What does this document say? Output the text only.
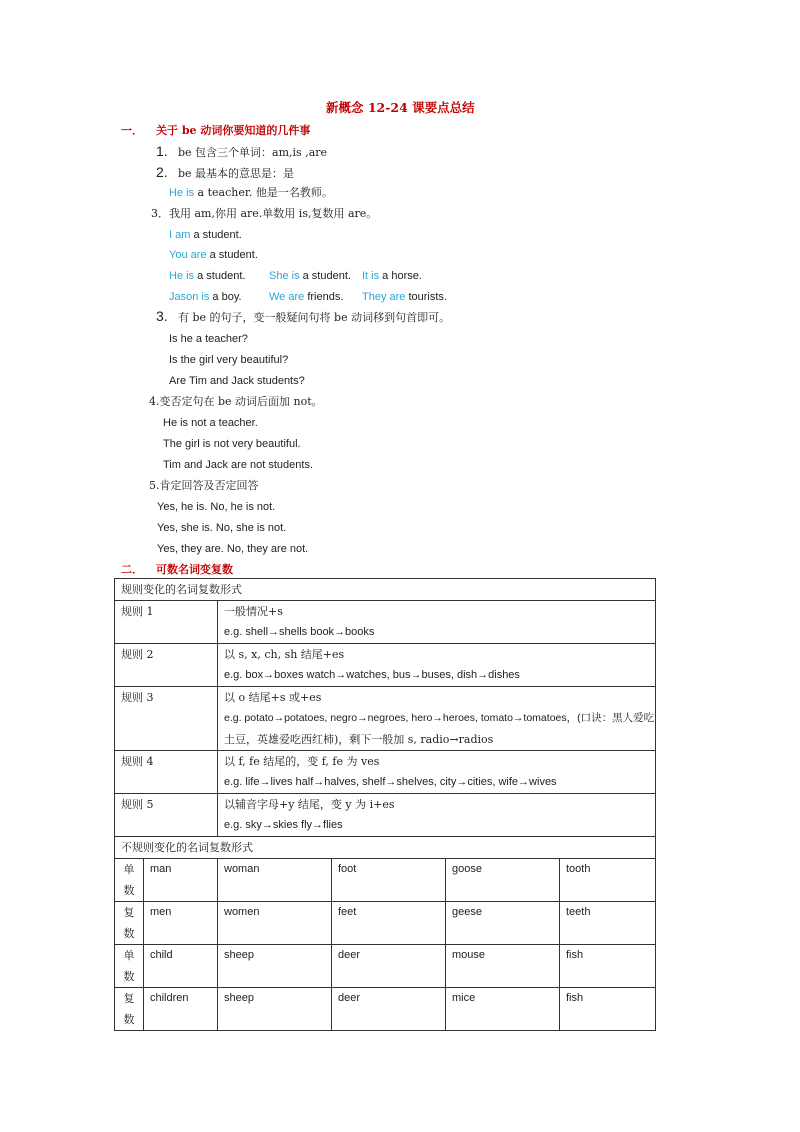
新概念 12-24 课要点总结
一． 关于 be 动词你要知道的几件事
1. be 包含三个单词：am,is ,are
2. be 最基本的意思是：是
He is a teacher. 他是一名教师。
3．我用 am,你用 are.单数用 is,复数用 are。
I am a student.
You are a student.
He is a student. She is a student. It is a horse.
Jason is a boy. We are friends. They are tourists.
3. 有 be 的句子，变一般疑问句将 be 动词移到句首即可。
Is he a teacher?
Is the girl very beautiful?
Are Tim and Jack students?
4.变否定句在 be 动词后面加 not。
He is not a teacher.
The girl is not very beautiful.
Tim and Jack are not students.
5.肯定回答及否定回答
Yes, he is. No, he is not.
Yes, she is. No, she is not.
Yes, they are. No, they are not.
二． 可数名词变复数
规则变化的名词复数形式					

规则 1		一般情况+s
e.g. shell→shells book→books			

规则 2		以 s, x, ch, sh 结尾+es
e.g. box→boxes watch→watches, bus→buses, dish→dishes			

规则 3		以 o 结尾+s 或+es
e.g. potato→potatoes, negro→negroes, hero→heroes, tomato→tomatoes，(口诀：黑人爱吃
土豆，英雄爱吃西红柿)，剩下一般加 s, radio→radios			

规则 4		以 f, fe 结尾的，变 f, fe 为 ves
e.g. life→lives half→halves, shelf→shelves, city→cities, wife→wives			

规则 5		以辅音字母+y 结尾，变 y 为 i+es
e.g. sky→skies fly→flies			

不规则变化的名词复数形式					

单
数	man	woman	foot	goose	tooth

复
数	men	women	feet	geese	teeth

单
数	child	sheep	deer	mouse	fish

复
数	children	sheep	deer	mice	fish
